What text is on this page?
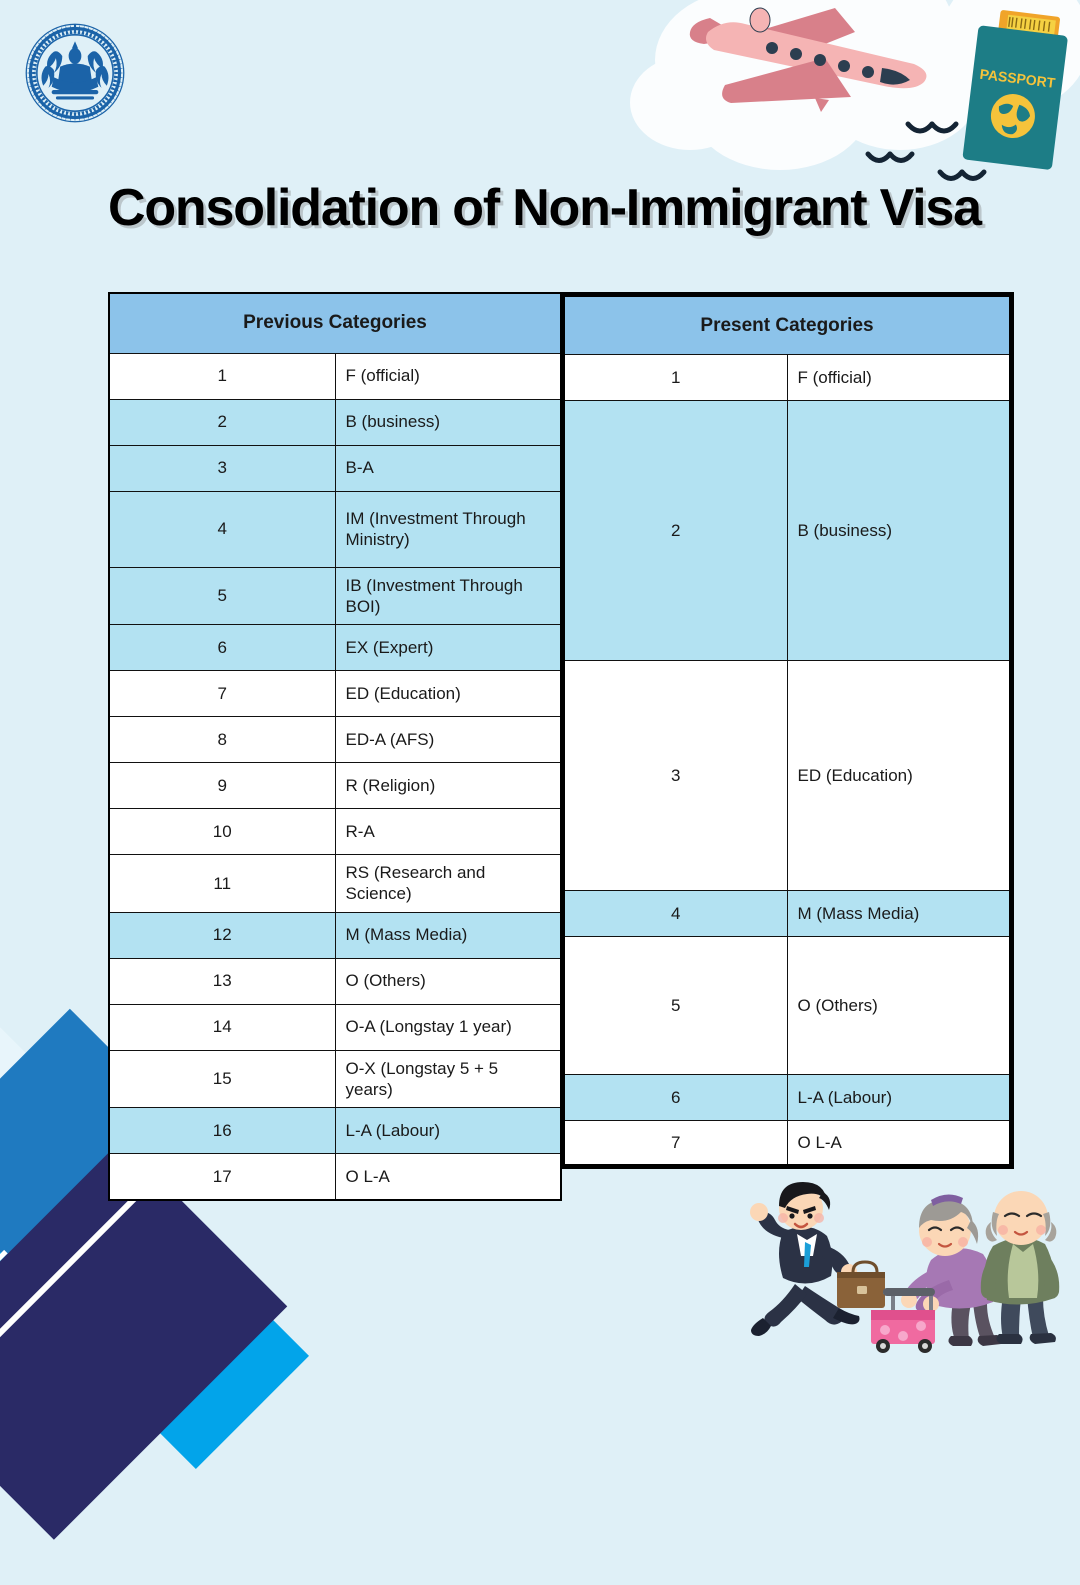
PASSPORT
Consolidation of Non-Immigrant Visa
Previous Categories	
1	F (official)
2	B (business)
3	B-A
4	IM (Investment Through Ministry)
5	IB (Investment Through BOI)
6	EX (Expert)
7	ED (Education)
8	ED-A (AFS)
9	R (Religion)
10	R-A
11	RS (Research and Science)
12	M (Mass Media)
13	O (Others)
14	O-A (Longstay 1 year)
15	O-X (Longstay 5 + 5 years)
16	L-A (Labour)
17	O L-A
Present Categories	
1	F (official)
2	B (business)
3	ED (Education)
4	M (Mass Media)
5	O (Others)
6	L-A (Labour)
7	O L-A
